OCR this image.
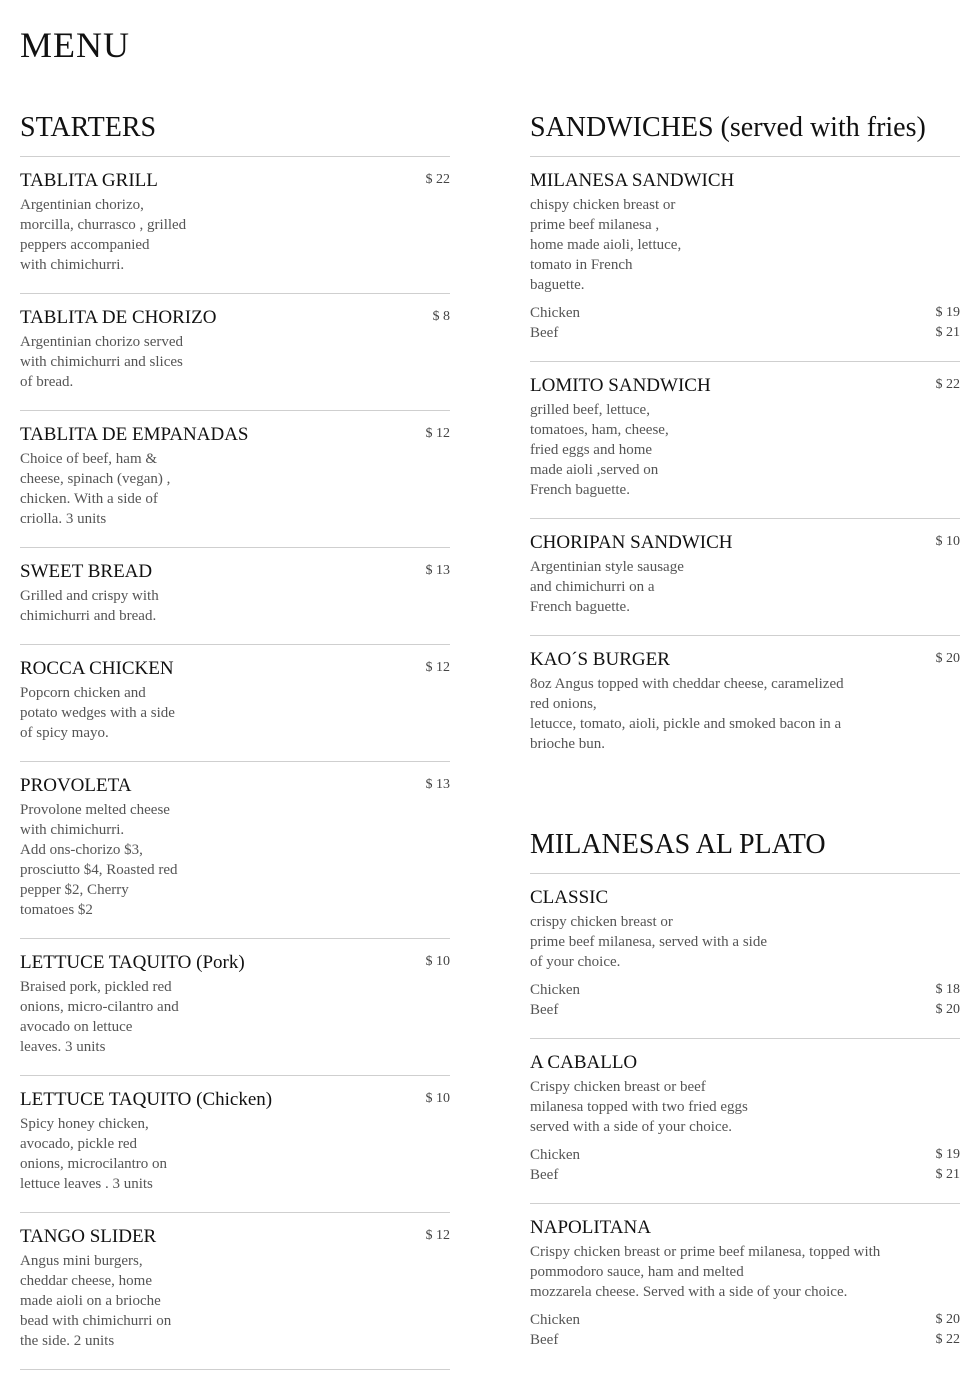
MENU
STARTERS
TABLITA GRILL	$ 22
Argentinian chorizo,
morcilla, churrasco , grilled
peppers accompanied
with chimichurri.
TABLITA DE CHORIZO	$ 8
Argentinian chorizo served
with chimichurri and slices
of bread.
TABLITA DE EMPANADAS	$ 12
Choice of beef, ham &
cheese, spinach (vegan) ,
chicken. With a side of
criolla. 3 units
SWEET BREAD	$ 13
Grilled and crispy with
chimichurri and bread.
ROCCA CHICKEN	$ 12
Popcorn chicken and
potato wedges with a side
of spicy mayo.
PROVOLETA	$ 13
Provolone melted cheese
with chimichurri.
Add ons-chorizo $3,
prosciutto $4, Roasted red
pepper $2, Cherry
tomatoes $2
LETTUCE TAQUITO (Pork)	$ 10
Braised pork, pickled red
onions, micro-cilantro and
avocado on lettuce
leaves. 3 units
LETTUCE TAQUITO (Chicken)	$ 10
Spicy honey chicken,
avocado, pickle red
onions, microcilantro on
lettuce leaves . 3 units
TANGO SLIDER	$ 12
Angus mini burgers,
cheddar cheese, home
made aioli on a brioche
bead with chimichurri on
the side. 2 units
SANDWICHES (served with fries)
MILANESA SANDWICH
chispy chicken breast or
prime beef milanesa ,
home made aioli, lettuce,
tomato in French
baguette.
Chicken	$ 19
Beef	$ 21
LOMITO SANDWICH	$ 22
grilled beef, lettuce,
tomatoes, ham, cheese,
fried eggs and home
made aioli ,served on
French baguette.
CHORIPAN SANDWICH	$ 10
Argentinian style sausage
and chimichurri on a
French baguette.
KAO´S BURGER	$ 20
8oz Angus topped with cheddar cheese, caramelized
red onions,
letucce, tomato, aioli, pickle and smoked bacon in a
brioche bun.
MILANESAS AL PLATO
CLASSIC
crispy chicken breast or
prime beef milanesa, served with a side
of your choice.
Chicken	$ 18
Beef	$ 20
A CABALLO
Crispy chicken breast or beef
milanesa topped with two fried eggs
served with a side of your choice.
Chicken	$ 19
Beef	$ 21
NAPOLITANA
Crispy chicken breast or prime beef milanesa, topped with
pommodoro sauce, ham and melted
mozzarela cheese. Served with a side of your choice.
Chicken	$ 20
Beef	$ 22
